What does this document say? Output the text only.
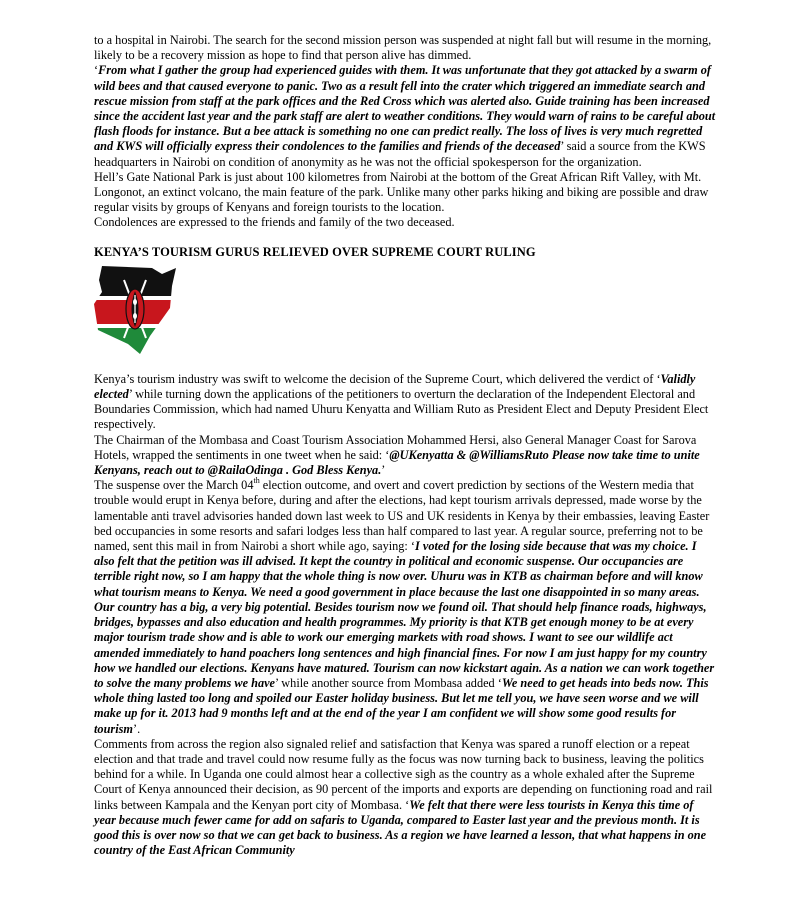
to a hospital in Nairobi. The search for the second mission person was suspended at night fall but will resume in the morning, likely to be a recovery mission as hope to find that person alive has dimmed.

‘From what I gather the group had experienced guides with them. It was unfortunate that they got attacked by a swarm of wild bees and that caused everyone to panic. Two as a result fell into the crater which triggered an immediate search and rescue mission from staff at the park offices and the Red Cross which was alerted also. Guide training has been increased since the accident last year and the park staff are alert to weather conditions. They would warn of rains to be careful about flash floods for instance. But a bee attack is something no one can predict really. The loss of lives is very much regretted and KWS will officially express their condolences to the families and friends of the deceased’ said a source from the KWS headquarters in Nairobi on condition of anonymity as he was not the official spokesperson for the organization.

Hell’s Gate National Park is just about 100 kilometres from Nairobi at the bottom of the Great African Rift Valley, with Mt. Longonot, an extinct volcano, the main feature of the park. Unlike many other parks hiking and biking are possible and draw regular visits by groups of Kenyans and foreign tourists to the location.

Condolences are expressed to the friends and family of the two deceased.

KENYA’S TOURISM GURUS RELIEVED OVER SUPREME COURT RULING

Kenya’s tourism industry was swift to welcome the decision of the Supreme Court, which delivered the verdict of ‘Validly elected’ while turning down the applications of the petitioners to overturn the declaration of the Independent Electoral and Boundaries Commission, which had named Uhuru Kenyatta and William Ruto as President Elect and Deputy President Elect respectively.

The Chairman of the Mombasa and Coast Tourism Association Mohammed Hersi, also General Manager Coast for Sarova Hotels, wrapped the sentiments in one tweet when he said: ‘@UKenyatta & @WilliamsRuto Please now take time to unite Kenyans, reach out to @RailaOdinga . God Bless Kenya.’

The suspense over the March 04th election outcome, and overt and covert prediction by sections of the Western media that trouble would erupt in Kenya before, during and after the elections, had kept tourism arrivals depressed, made worse by the lamentable anti travel advisories handed down last week to US and UK residents in Kenya by their embassies, leaving Easter bed occupancies in some resorts and safari lodges less than half compared to last year. A regular source, preferring not to be named, sent this mail in from Nairobi a short while ago, saying: ‘I voted for the losing side because that was my choice. I also felt that the petition was ill advised. It kept the country in political and economic suspense. Our occupancies are terrible right now, so I am happy that the whole thing is now over. Uhuru was in KTB as chairman before and will know what tourism means to Kenya. We need a good government in place because the last one disappointed in so many areas. Our country has a big, a very big potential. Besides tourism now we found oil. That should help finance roads, highways, bridges, bypasses and also education and health programmes. My priority is that KTB get enough money to be at every major tourism trade show and is able to work our emerging markets with road shows. I want to see our wildlife act amended immediately to hand poachers long sentences and high financial fines. For now I am just happy for my country how we handled our elections. Kenyans have matured. Tourism can now kickstart again. As a nation we can work together to solve the many problems we have’ while another source from Mombasa added ‘We need to get heads into beds now. This whole thing lasted too long and spoiled our Easter holiday business. But let me tell you, we have seen worse and we will make up for it. 2013 had 9 months left and at the end of the year I am confident we will show some good results for tourism’.

Comments from across the region also signaled relief and satisfaction that Kenya was spared a runoff election or a repeat election and that trade and travel could now resume fully as the focus was now turning back to business, leaving the politics behind for a while. In Uganda one could almost hear a collective sigh as the country as a whole exhaled after the Supreme Court of Kenya announced their decision, as 90 percent of the imports and exports are depending on functioning road and rail links between Kampala and the Kenyan port city of Mombasa. ‘We felt that there were less tourists in Kenya this time of year because much fewer came for add on safaris to Uganda, compared to Easter last year and the previous month. It is good this is over now so that we can get back to business. As a region we have learned a lesson, that what happens in one country of the East African Community
